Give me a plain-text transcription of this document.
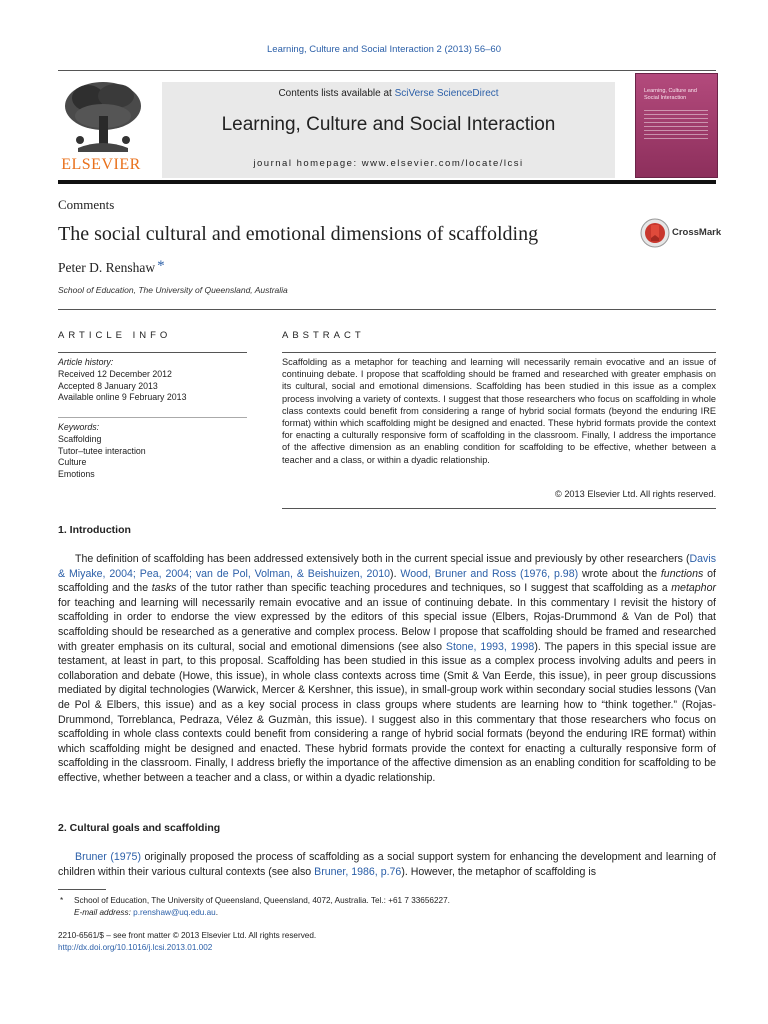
Learning, Culture and Social Interaction 2 (2013) 56–60
ELSEVIER
Contents lists available at SciVerse ScienceDirect
Learning, Culture and Social Interaction
journal homepage: www.elsevier.com/locate/lcsi
Learning, Culture and Social Interaction
Comments
The social cultural and emotional dimensions of scaffolding	CrossMark
Peter D. Renshaw *
School of Education, The University of Queensland, Australia
ARTICLE INFO
Article history:
Received 12 December 2012
Accepted 8 January 2013
Available online 9 February 2013
Keywords:
Scaffolding
Tutor–tutee interaction
Culture
Emotions
ABSTRACT
Scaffolding as a metaphor for teaching and learning will necessarily remain evocative and an issue of continuing debate. I propose that scaffolding should be framed and researched with greater emphasis on its cultural, social and emotional dimensions. Scaffolding has been studied in this issue as a complex process involving a variety of contexts. I suggest that those researchers who focus on scaffolding in whole class contexts could benefit from considering a range of hybrid social formats (beyond the enduring IRE format) within which scaffolding might be designed and enacted. These hybrid formats provide the context for enacting a culturally responsive form of scaffolding in the classroom. Finally, I address the importance of the affective dimension as an enabling condition for scaffolding to be effective, whether between a teacher and a class, or within a dyadic relationship.
© 2013 Elsevier Ltd. All rights reserved.
1. Introduction
The definition of scaffolding has been addressed extensively both in the current special issue and previously by other researchers (Davis & Miyake, 2004; Pea, 2004; van de Pol, Volman, & Beishuizen, 2010). Wood, Bruner and Ross (1976, p.98) wrote about the functions of scaffolding and the tasks of the tutor rather than specific teaching procedures and techniques, so I suggest that scaffolding as a metaphor for teaching and learning will necessarily remain evocative and an issue of continuing debate. In this commentary I revisit the history of scaffolding in order to endorse the view expressed by the editors of this special issue (Elbers, Rojas-Drummond & Van de Pol) that scaffolding should be researched as a generative and complex process. Below I propose that scaffolding should be framed and researched with greater emphasis on its cultural, social and emotional dimensions (see also Stone, 1993, 1998). The papers in this special issue are testament, at least in part, to this proposal. Scaffolding has been studied in this issue as a complex process involving adults and peers in collaboration and debate (Howe, this issue), in whole class contexts across time (Smit & Van Eerde, this issue), in peer group discussions mediated by digital technologies (Warwick, Mercer & Kershner, this issue), in small-group work within secondary social studies lessons (Van de Pol & Elbers, this issue) and as a key social process in class groups where students are learning how to “think together.” (Rojas-Drummond, Torreblanca, Pedraza, Vélez & Guzmàn, this issue). I suggest also in this commentary that those researchers who focus on scaffolding in whole class contexts could benefit from considering a range of hybrid social formats (beyond the enduring IRE format) within which scaffolding might be designed and enacted. These hybrid formats provide the context for enacting a culturally responsive form of scaffolding in the classroom. Finally, I address briefly the importance of the affective dimension as an enabling condition for scaffolding to be effective, whether between a teacher and a class, or within a dyadic relationship.
2. Cultural goals and scaffolding
Bruner (1975) originally proposed the process of scaffolding as a social support system for enhancing the development and learning of children within their various cultural contexts (see also Bruner, 1986, p.76). However, the metaphor of scaffolding is
* School of Education, The University of Queensland, Queensland, 4072, Australia. Tel.: +61 7 33656227.
E-mail address: p.renshaw@uq.edu.au.
2210-6561/$ – see front matter © 2013 Elsevier Ltd. All rights reserved.
http://dx.doi.org/10.1016/j.lcsi.2013.01.002
